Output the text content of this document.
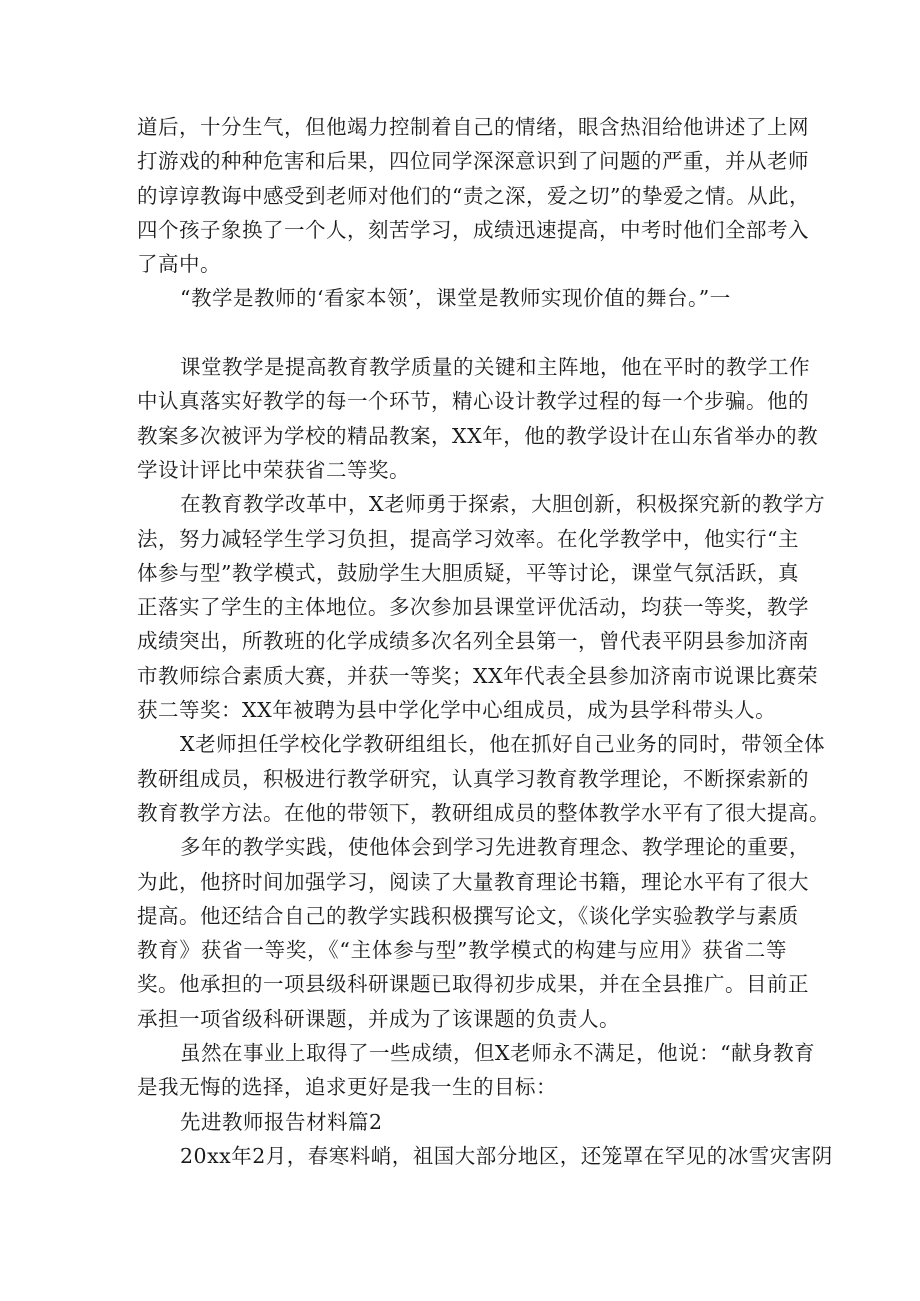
道后，十分生气，但他竭力控制着自己的情绪，眼含热泪给他讲述了上网
打游戏的种种危害和后果，四位同学深深意识到了问题的严重，并从老师
的谆谆教诲中感受到老师对他们的“责之深，爱之切”的挚爱之情。从此，
四个孩子象换了一个人，刻苦学习，成绩迅速提高，中考时他们全部考入
了高中。
“教学是教师的‘看家本领’，课堂是教师实现价值的舞台。”一
课堂教学是提高教育教学质量的关键和主阵地，他在平时的教学工作
中认真落实好教学的每一个环节，精心设计教学过程的每一个步骗。他的
教案多次被评为学校的精品教案，XX年，他的教学设计在山东省举办的教
学设计评比中荣获省二等奖。
在教育教学改革中，X老师勇于探索，大胆创新，积极探究新的教学方
法，努力减轻学生学习负担，提高学习效率。在化学教学中，他实行“主
体参与型”教学模式，鼓励学生大胆质疑，平等讨论，课堂气氛活跃，真
正落实了学生的主体地位。多次参加县课堂评优活动，均获一等奖，教学
成绩突出，所教班的化学成绩多次名列全县第一，曾代表平阴县参加济南
市教师综合素质大赛，并获一等奖；XX年代表全县参加济南市说课比赛荣
获二等奖：XX年被聘为县中学化学中心组成员，成为县学科带头人。
X老师担任学校化学教研组组长，他在抓好自己业务的同时，带领全体
教研组成员，积极进行教学研究，认真学习教育教学理论，不断探索新的
教育教学方法。在他的带领下，教研组成员的整体教学水平有了很大提高。
多年的教学实践，使他体会到学习先进教育理念、教学理论的重要，
为此，他挤时间加强学习，阅读了大量教育理论书籍，理论水平有了很大
提高。他还结合自己的教学实践积极撰写论文，《谈化学实验教学与素质
教育》获省一等奖，《“主体参与型”教学模式的构建与应用》获省二等
奖。他承担的一项县级科研课题已取得初步成果，并在全县推广。目前正
承担一项省级科研课题，并成为了该课题的负责人。
虽然在事业上取得了一些成绩，但X老师永不满足，他说：“献身教育
是我无悔的选择，追求更好是我一生的目标：
先进教师报告材料篇2
20xx年2月，春寒料峭，祖国大部分地区，还笼罩在罕见的冰雪灾害阴
